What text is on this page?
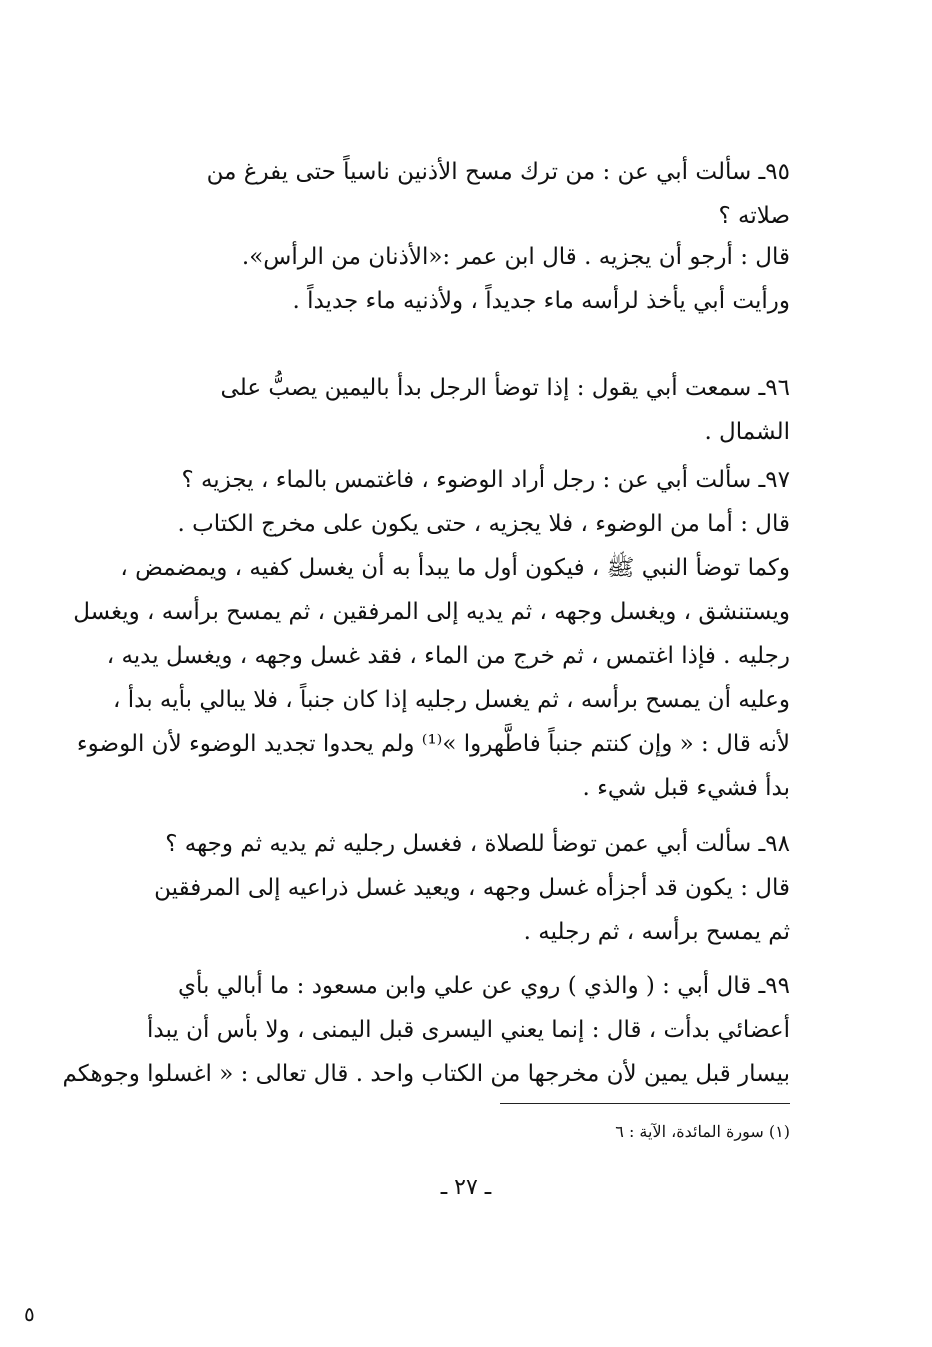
٩٥ـ سألت أبي عن : من ترك مسح الأذنين ناسياً حتى يفرغ من
صلاته ؟
قال : أرجو أن يجزيه . قال ابن عمر :«الأذنان من الرأس».
ورأيت أبي يأخذ لرأسه ماء جديداً ، ولأذنيه ماء جديداً .
٩٦ـ سمعت أبي يقول : إذا توضأ الرجل بدأ باليمين يصبُّ على
الشمال .
٩٧ـ سألت أبي عن : رجل أراد الوضوء ، فاغتمس بالماء ، يجزيه ؟
قال : أما من الوضوء ، فلا يجزيه ، حتى يكون على مخرج الكتاب .
وكما توضأ النبي ﷺ ، فيكون أول ما يبدأ به أن يغسل كفيه ، ويمضمض ،
ويستنشق ، ويغسل وجهه ، ثم يديه إلى المرفقين ، ثم يمسح برأسه ، ويغسل
رجليه . فإذا اغتمس ، ثم خرج من الماء ، فقد غسل وجهه ، ويغسل يديه ،
وعليه أن يمسح برأسه ، ثم يغسل رجليه إذا كان جنباً ، فلا يبالي بأيه بدأ ،
لأنه قال : « وإن كنتم جنباً فاطَّهروا »⁽¹⁾ ولم يحدوا تجديد الوضوء لأن الوضوء
بدأ فشيء قبل شيء .
٩٨ـ سألت أبي عمن توضأ للصلاة ، فغسل رجليه ثم يديه ثم وجهه ؟
قال : يكون قد أجزأه غسل وجهه ، ويعيد غسل ذراعيه إلى المرفقين
ثم يمسح برأسه ، ثم رجليه .
٩٩ـ قال أبي : ( والذي ) روي عن علي وابن مسعود : ما أبالي بأي
أعضائي بدأت ، قال : إنما يعني اليسرى قبل اليمنى ، ولا بأس أن يبدأ
بيسار قبل يمين لأن مخرجها من الكتاب واحد . قال تعالى : « اغسلوا وجوهكم
(١) سورة المائدة، الآية : ٦
ـ ٢٧ ـ
٥
